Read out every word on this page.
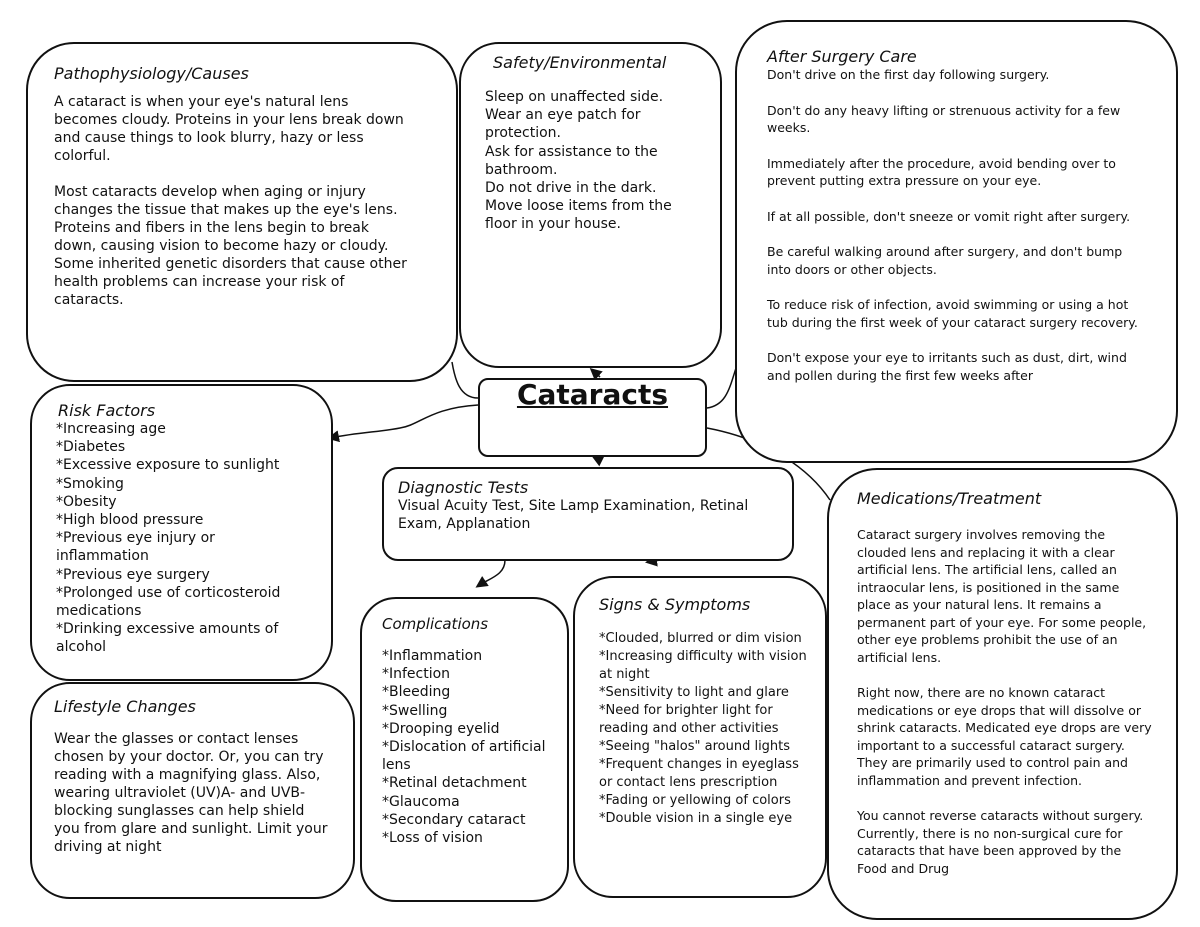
Pathophysiology/Causes

A cataract is when your eye's natural lens becomes cloudy. Proteins in your lens break down and cause things to look blurry, hazy or less colorful.

Most cataracts develop when aging or injury changes the tissue that makes up the eye's lens. Proteins and fibers in the lens begin to break down, causing vision to become hazy or cloudy. Some inherited genetic disorders that cause other health problems can increase your risk of cataracts.

Safety/Environmental
Sleep on unaffected side.
Wear an eye patch for protection.
Ask for assistance to the bathroom.
Do not drive in the dark.
Move loose items from the floor in your house.
After Surgery Care

Don't drive on the first day following surgery.

Don't do any heavy lifting or strenuous activity for a few weeks.

Immediately after the procedure, avoid bending over to prevent putting extra pressure on your eye.

If at all possible, don't sneeze or vomit right after surgery.

Be careful walking around after surgery, and don't bump into doors or other objects.

To reduce risk of infection, avoid swimming or using a hot tub during the first week of your cataract surgery recovery.

Don't expose your eye to irritants such as dust, dirt, wind and pollen during the first few weeks after

Cataracts
Risk Factors
*Increasing age
*Diabetes
*Excessive exposure to sunlight
*Smoking
*Obesity
*High blood pressure
*Previous eye injury or inflammation
*Previous eye surgery
*Prolonged use of corticosteroid medications
*Drinking excessive amounts of alcohol
Diagnostic Tests
Visual Acuity Test, Site Lamp Examination, Retinal Exam, Applanation
Medications/Treatment

Cataract surgery involves removing the clouded lens and replacing it with a clear artificial lens. The artificial lens, called an intraocular lens, is positioned in the same place as your natural lens. It remains a permanent part of your eye. For some people, other eye problems prohibit the use of an artificial lens.

Right now, there are no known cataract medications or eye drops that will dissolve or shrink cataracts. Medicated eye drops are very important to a successful cataract surgery. They are primarily used to control pain and inflammation and prevent infection.

You cannot reverse cataracts without surgery. Currently, there is no non-surgical cure for cataracts that have been approved by the Food and Drug

Lifestyle Changes
Wear the glasses or contact lenses chosen by your doctor. Or, you can try reading with a magnifying glass. Also, wearing ultraviolet (UV)A- and UVB-blocking sunglasses can help shield you from glare and sunlight. Limit your driving at night
Complications
*Inflammation
*Infection
*Bleeding
*Swelling
*Drooping eyelid
*Dislocation of artificial lens
*Retinal detachment
*Glaucoma
*Secondary cataract
*Loss of vision
Signs & Symptoms
*Clouded, blurred or dim vision
*Increasing difficulty with vision at night
*Sensitivity to light and glare
*Need for brighter light for reading and other activities
*Seeing "halos" around lights
*Frequent changes in eyeglass or contact lens prescription
*Fading or yellowing of colors
*Double vision in a single eye
